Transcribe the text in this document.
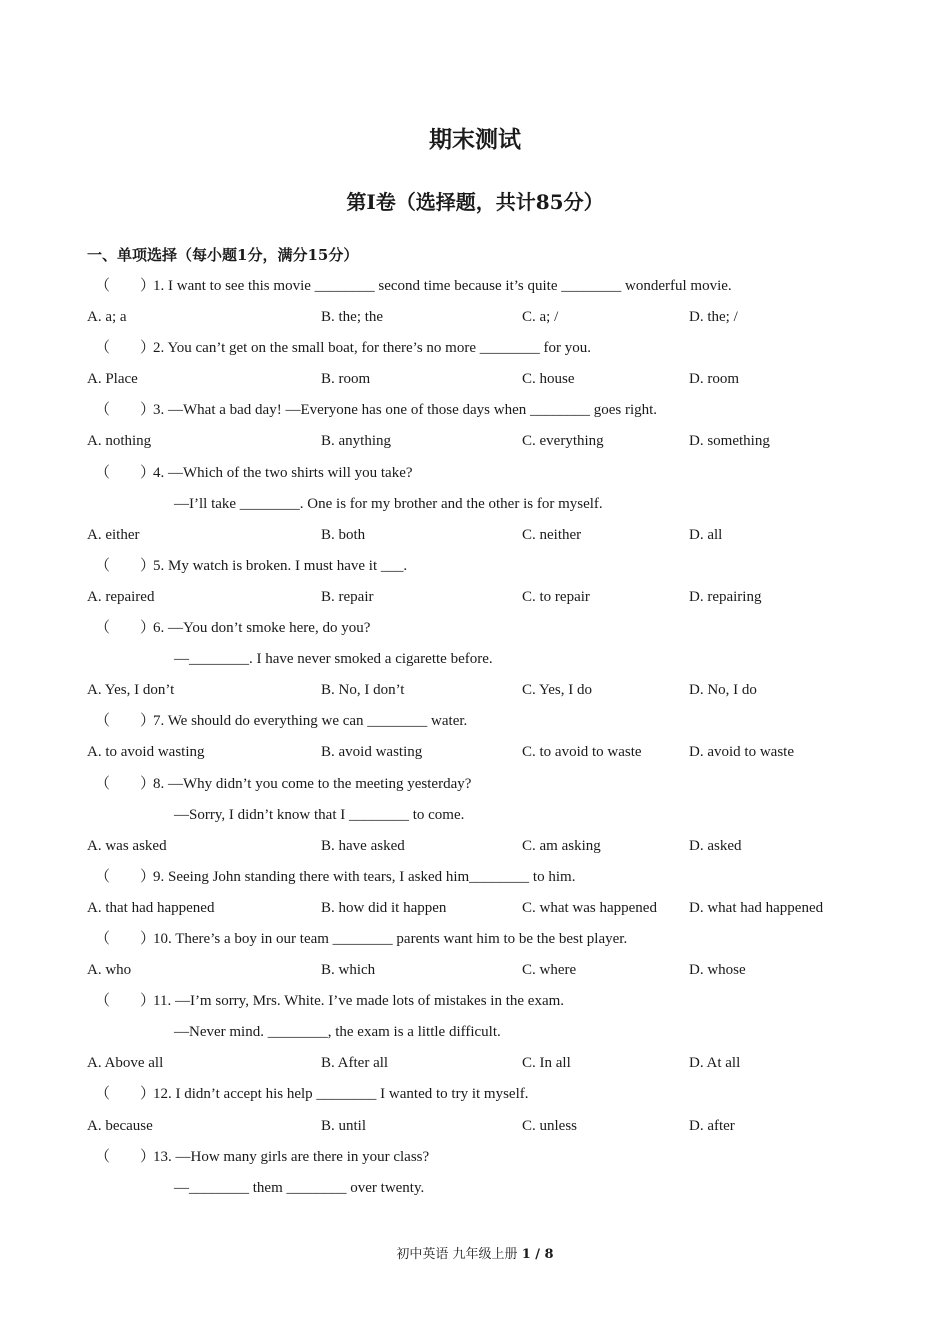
期末测试
第Ⅰ卷（选择题，共计85分）
一、单项选择（每小题1分，满分15分）
（　　）1. I want to see this movie ________ second time because it’s quite ________ wonderful movie.
A. a; a	B. the; the	C. a; /	D. the; /
（　　）2. You can’t get on the small boat, for there’s no more ________ for you.
A. Place	B. room	C. house	D. room
（　　）3. —What a bad day! —Everyone has one of those days when ________ goes right.
A. nothing	B. anything	C. everything	D. something
（　　）4. —Which of the two shirts will you take?
—I’ll take ________. One is for my brother and the other is for myself.
A. either	B. both	C. neither	D. all
（　　）5. My watch is broken. I must have it ___.
A. repaired	B. repair	C. to repair	D. repairing
（　　）6. —You don’t smoke here, do you?
—________. I have never smoked a cigarette before.
A. Yes, I don’t	B. No, I don’t	C. Yes, I do	D. No, I do
（　　）7. We should do everything we can ________ water.
A. to avoid wasting	B. avoid wasting	C. to avoid to waste	D. avoid to waste
（　　）8. —Why didn’t you come to the meeting yesterday?
—Sorry, I didn’t know that I ________ to come.
A. was asked	B. have asked	C. am asking	D. asked
（　　）9. Seeing John standing there with tears, I asked him________ to him.
A. that had happened	B. how did it happen	C. what was happened D. what had happened
（　　）10. There’s a boy in our team ________ parents want him to be the best player.
A. who	B. which	C. where	D. whose
（　　）11. —I’m sorry, Mrs. White. I’ve made lots of mistakes in the exam.
—Never mind. ________, the exam is a little difficult.
A. Above all	B. After all	C. In all	D. At all
（　　）12. I didn’t accept his help ________ I wanted to try it myself.
A. because	B. until	C. unless	D. after
（　　）13. —How many girls are there in your class?
—________ them ________ over twenty.
初中英语 九年级上册 1 / 8
